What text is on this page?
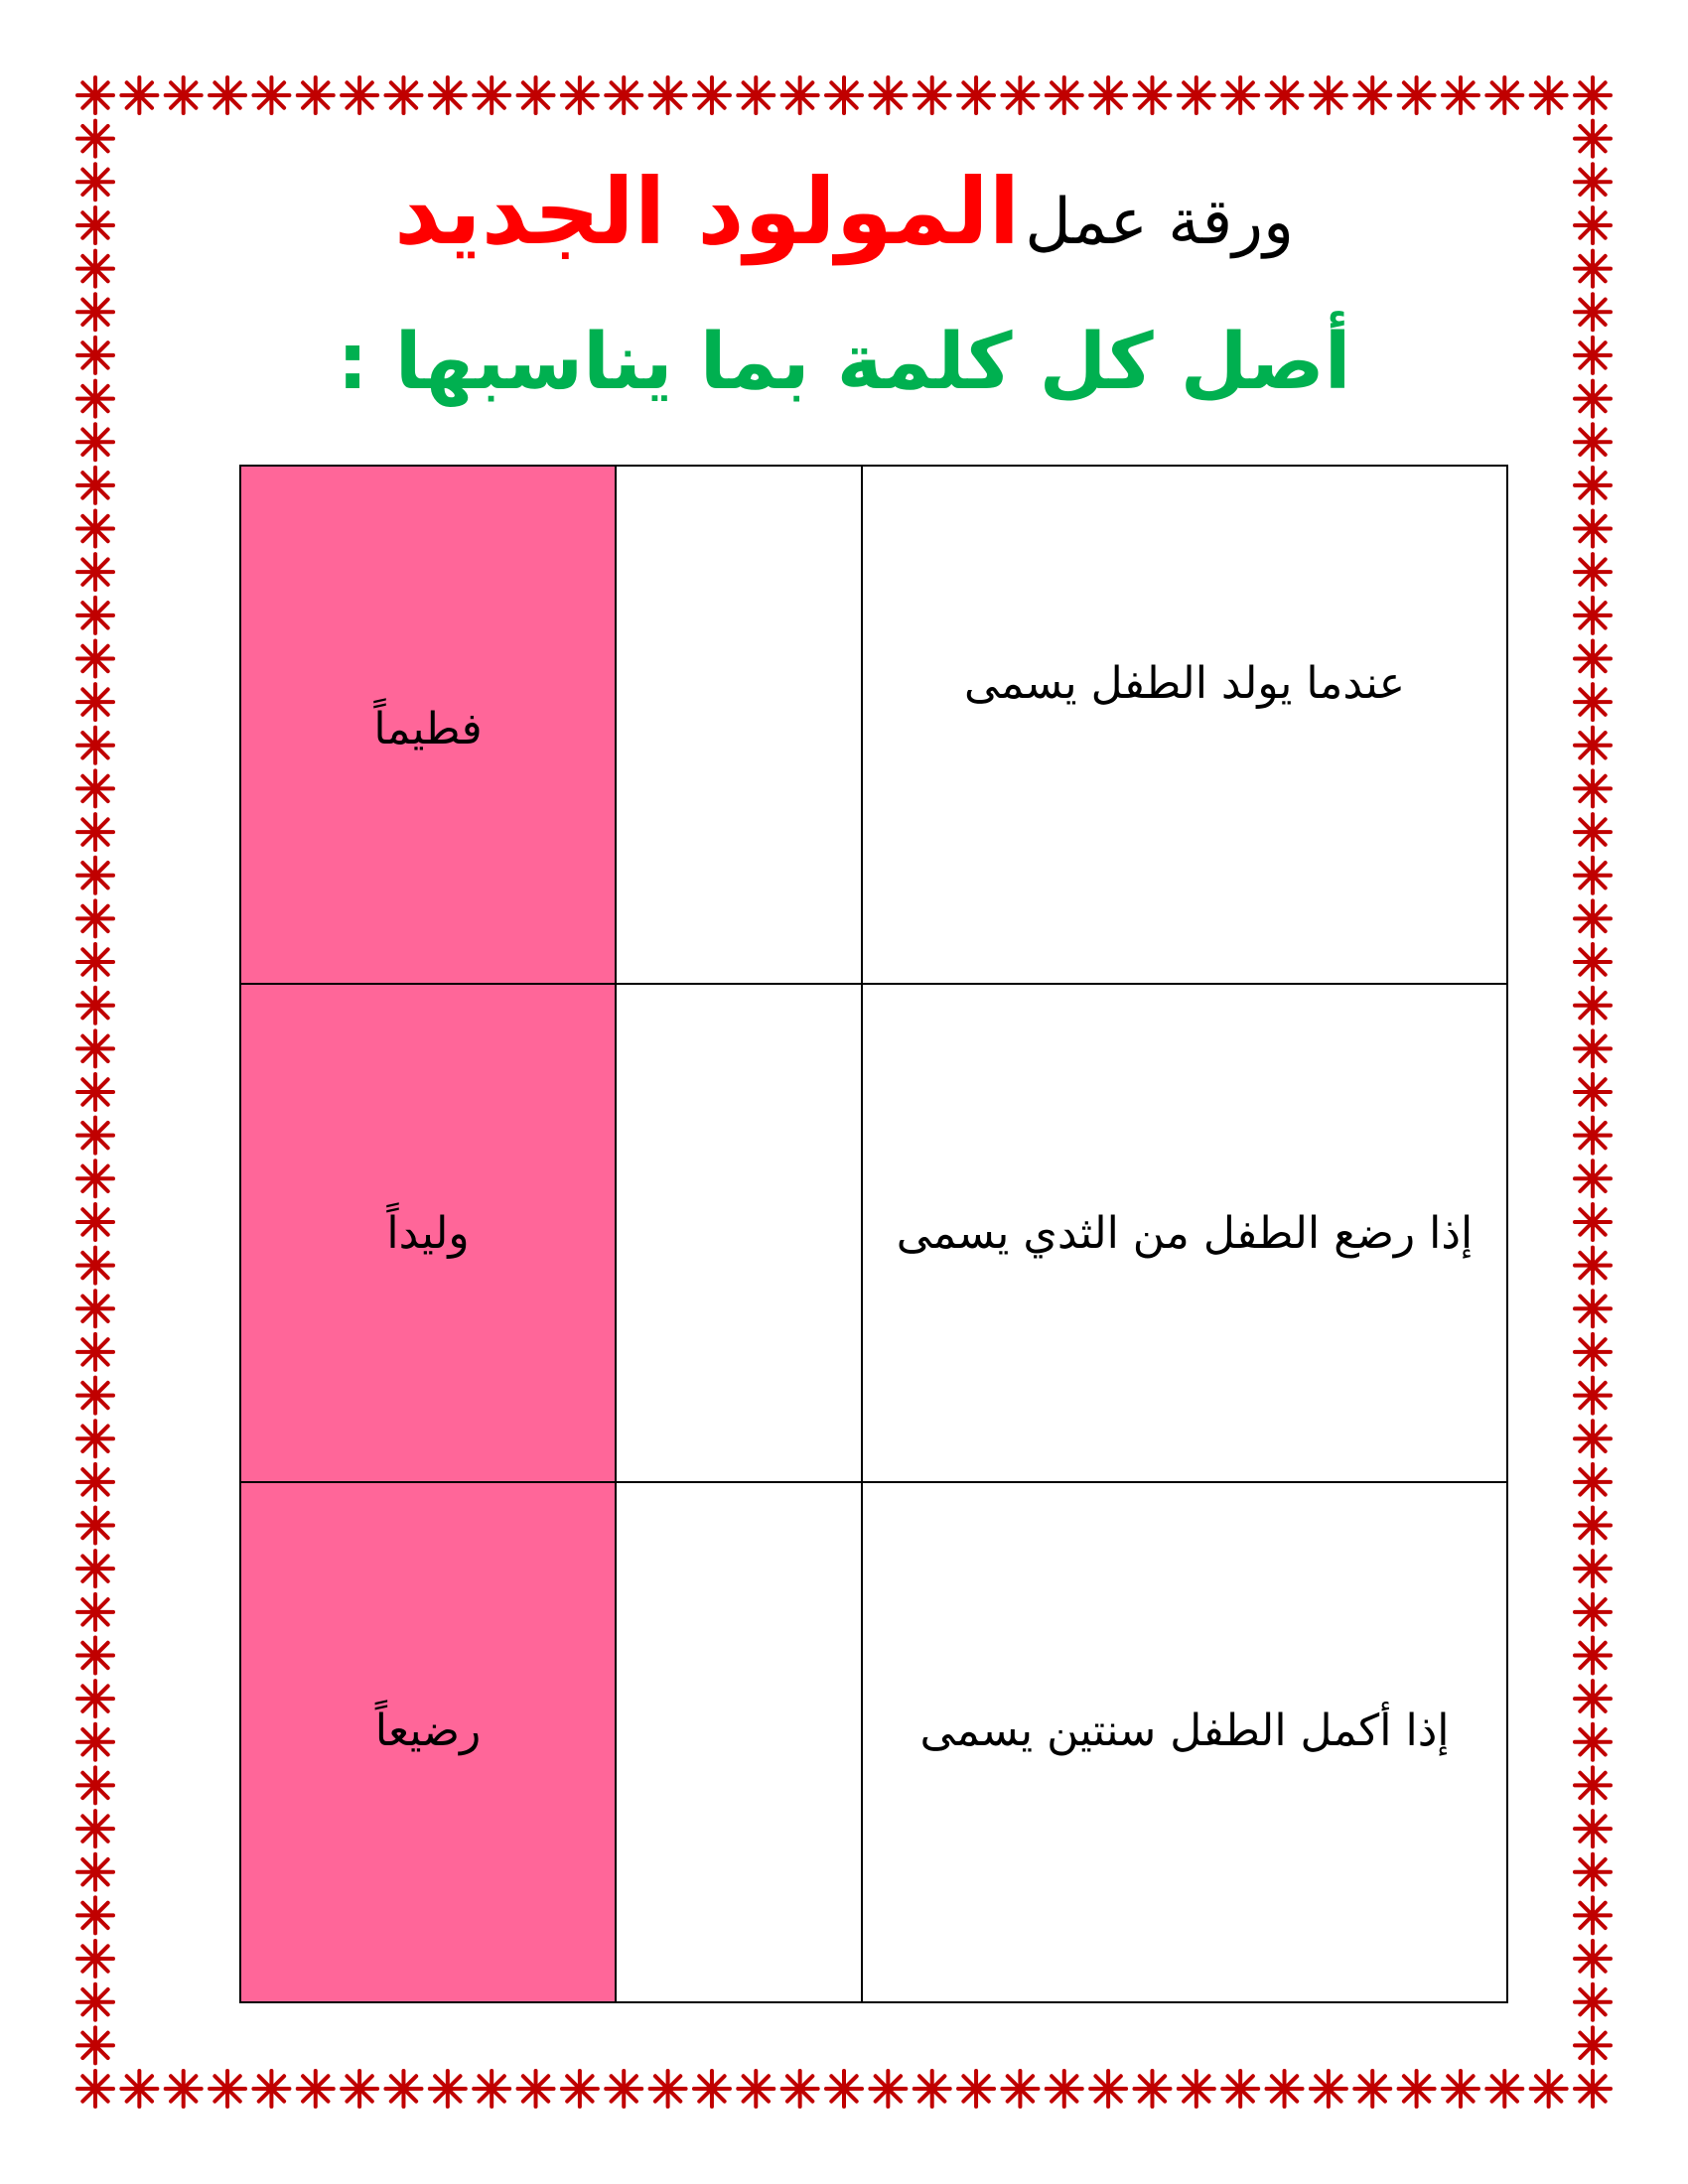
ورقة عمل المولود الجديد
أصل كل كلمة بما يناسبها :
فطيماً		عندما يولد الطفل يسمى
وليداً		إذا رضع الطفل من الثدي يسمى
رضيعاً		إذا أكمل الطفل سنتين يسمى
